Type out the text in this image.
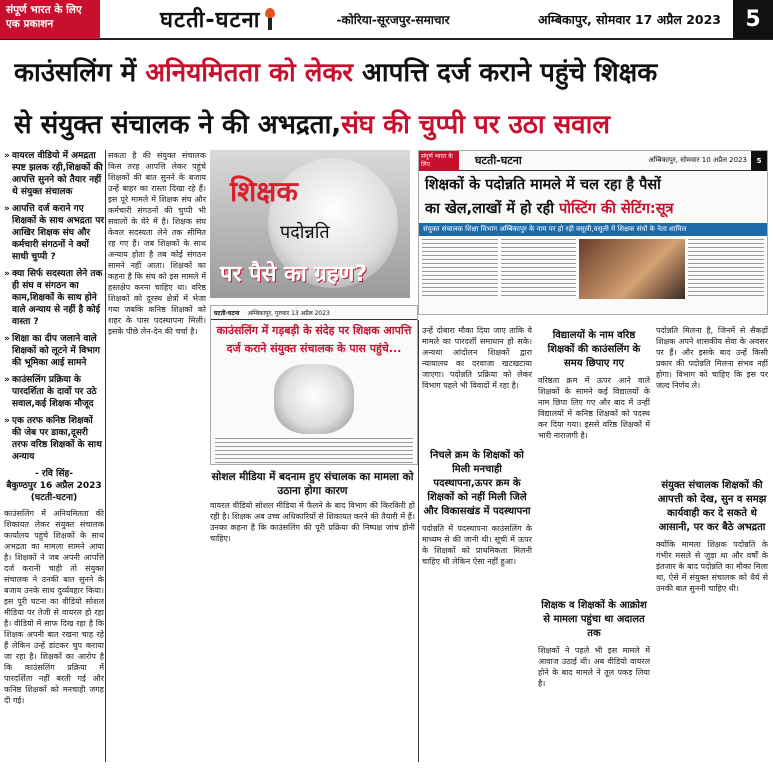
संपूर्ण भारत के लिए एक प्रकाशन	घटती-घटना	-कोरिया-सूरजपुर-समाचार	अम्बिकापुर, सोमवार 17 अप्रैल 2023	5
काउंसलिंग में अनियमितता को लेकर आपत्ति दर्ज कराने पहुंचे शिक्षक
से संयुक्त संचालक ने की अभद्रता,संघ की चुप्पी पर उठा सवाल
» वायरल वीडियो में अमद्रता स्पष्ट झलक रही,शिक्षकों की आपत्ति सुनने को तैयार नहीं थे संयुक्त संचालक
» आपत्ति दर्ज कराने गए शिक्षकों के साथ अभद्रता पर आखिर शिक्षक संघ और कर्मचारी संगठनों ने क्यों साधी चुप्पी ?
» क्या सिर्फ सदस्यता लेने तक ही संघ व संगठन का काम,शिक्षकों के साथ होने वाले अन्याय से नहीं है कोई वास्ता ?
» शिक्षा का दीप जलाने वाले शिक्षकों को लूटने में विभाग की भूमिका आई सामने
» काउंसलिंग प्रक्रिया के पारदर्शिता के दावों पर उठे सवाल,कई शिक्षक मौजूद
» एक तरफ कनिष्ठ शिक्षकों की जेब पर डाका,दूसरी तरफ वरिष्ठ शिक्षकों के साथ अन्याय
- रवि सिंह-
बैकुण्ठपुर 16 अप्रैल 2023
(घटती-घटना)
काउंसलिंग में अनियमितता की शिकायत लेकर संयुक्त संचालक कार्यालय पहुंचे शिक्षकों के साथ अभद्रता का मामला सामने आया है। शिक्षकों ने जब अपनी आपत्ति दर्ज करानी चाही तो संयुक्त संचालक ने उनकी बात सुनने के बजाय उनके साथ दुर्व्यवहार किया। इस पूरी घटना का वीडियो सोशल मीडिया पर तेजी से वायरल हो रहा है। वीडियो में साफ दिख रहा है कि शिक्षक अपनी बात रखना चाह रहे हैं लेकिन उन्हें डांटकर चुप कराया जा रहा है। शिक्षकों का आरोप है कि काउंसलिंग प्रक्रिया में पारदर्शिता नहीं बरती गई और कनिष्ठ शिक्षकों को मनचाही जगह दी गई।
सकता है की संयुक्त संचालक किस तरह आपत्ति लेकर पहुंचे शिक्षकों की बात सुनने के बजाय उन्हें बाहर का रास्ता दिखा रहे हैं। इस पूरे मामले में शिक्षक संघ और कर्मचारी संगठनों की चुप्पी भी सवालों के घेरे में है। शिक्षक संघ केवल सदस्यता लेने तक सीमित रह गए हैं। जब शिक्षकों के साथ अन्याय होता है तब कोई संगठन सामने नहीं आता। शिक्षकों का कहना है कि संघ को इस मामले में हस्तक्षेप करना चाहिए था। वरिष्ठ शिक्षकों को दूरस्थ क्षेत्रों में भेजा गया जबकि कनिष्ठ शिक्षकों को शहर के पास पदस्थापना मिली। इसके पीछे लेन-देन की चर्चा है।
शिक्षक
पदोन्नति
पर पैसे का ग्रहण?
संपूर्ण भारत के लिए	घटती-घटना	अम्बिकापुर, सोमवार 10 अप्रैल 2023	5
शिक्षकों के पदोन्नति मामले में चल रहा है पैसों
का खेल,लाखों में हो रही पोस्टिंग की सेटिंग:सूत्र
संयुक्त संचालक शिक्षा विभाग अम्बिकापुर के नाम पर हो रही वसूली,वसूली में शिक्षक संघों के नेता शामिल
घटती-घटना अम्बिकापुर, गुरुवार 13 अप्रैल 2023
काउंसलिंग में गड़बड़ी के संदेह पर शिक्षक आपत्ति दर्ज कराने संयुक्त संचालक के पास पहुंचे...
सोशल मीडिया में बदनाम हुए संचालक का मामला को उठाना होगा कारण
वायरल वीडियो सोशल मीडिया में फैलने के बाद विभाग की किरकिरी हो रही है। शिक्षक अब उच्च अधिकारियों से शिकायत करने की तैयारी में हैं। उनका कहना है कि काउंसलिंग की पूरी प्रक्रिया की निष्पक्ष जांच होनी चाहिए।
उन्हें दोबारा मौका दिया जाए ताकि वे मामले का पारदर्शी समाधान हो सके। अन्यथा आंदोलन शिक्षकों द्वारा न्यायालय का दरवाजा खटखटाया जाएगा। पदोन्नति प्रक्रिया को लेकर विभाग पहले भी विवादों में रहा है।
निचले क्रम के शिक्षकों को मिली मनचाही पदस्थापना,ऊपर क्रम के शिक्षकों को नहीं मिली जिले और विकासखंड में पदस्थापना
पदोन्नति में पदस्थापना काउंसलिंग के माध्यम से की जानी थी। सूची में ऊपर के शिक्षकों को प्राथमिकता मिलनी चाहिए थी लेकिन ऐसा नहीं हुआ।
विद्यालयों के नाम वरिष्ठ शिक्षकों की काउंसलिंग के समय छिपाए गए
वरिष्ठता क्रम में ऊपर आने वाले शिक्षकों के सामने कई विद्यालयों के नाम छिपा लिए गए और बाद में उन्हीं विद्यालयों में कनिष्ठ शिक्षकों को पदस्थ कर दिया गया। इससे वरिष्ठ शिक्षकों में भारी नाराजगी है।
शिक्षक व शिक्षकों के आक्रोश से मामला पहुंचा था अदालत तक
शिक्षकों ने पहले भी इस मामले में आवाज उठाई थी। अब वीडियो वायरल होने के बाद मामले ने तूल पकड़ लिया है।
पदोन्नति मिलना है, जिनमें से सैकड़ों शिक्षक अपने शासकीय सेवा के अवसर पर हैं। और इसके बाद उन्हें किसी प्रकार की पदोन्नति मिलना संभव नहीं होगा। विभाग को चाहिए कि इस पर जल्द निर्णय ले।
संयुक्त संचालक शिक्षकों की आपत्ती को देख, सुन व समझ कार्यवाही कर दे सकते थे आसानी, पर कर बैठे अभद्रता
क्योंकि मामला शिक्षक पदोन्नति के गंभीर मसले से जुड़ा था और वर्षों के इंतजार के बाद पदोन्नति का मौका मिला था, ऐसे में संयुक्त संचालक को धैर्य से उनकी बात सुननी चाहिए थी।
